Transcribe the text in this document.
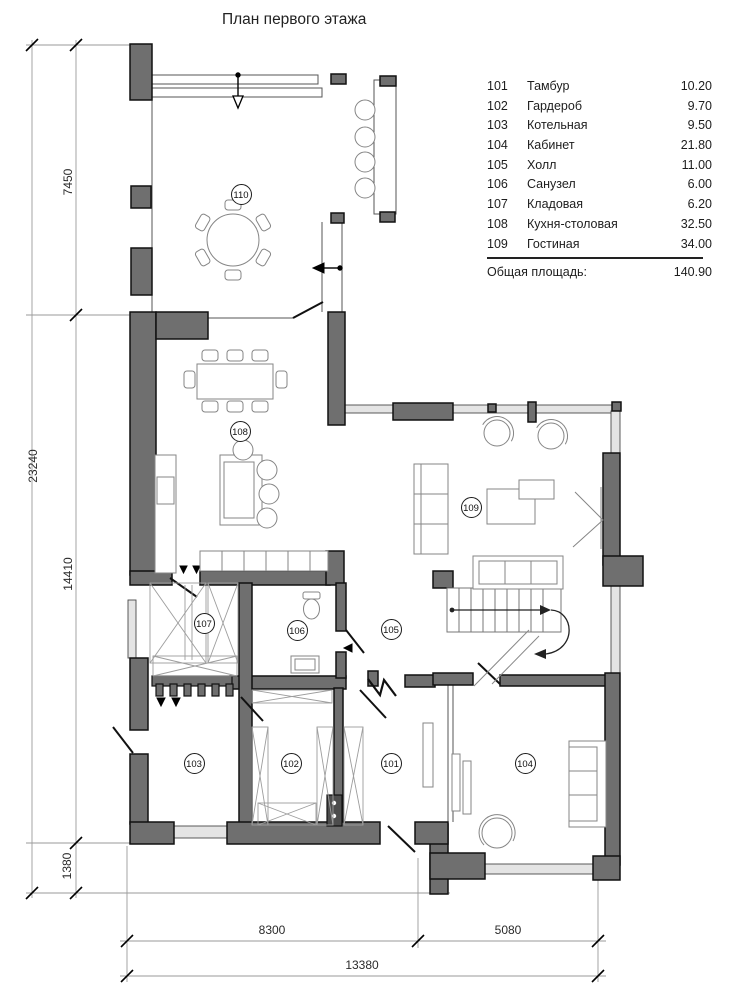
План первого этажа
101	Тамбур	10.20
102	Гардероб	9.70
103	Котельная	9.50
104	Кабинет	21.80
105	Холл	11.00
106	Санузел	6.00
107	Кладовая	6.20
108	Кухня-столовая	32.50
109	Гостиная	34.00
Общая площадь:	140.90
23240
7450
14410
1380
8300	5080
13380
110
108
109
107
106	105
103	102	101	104
